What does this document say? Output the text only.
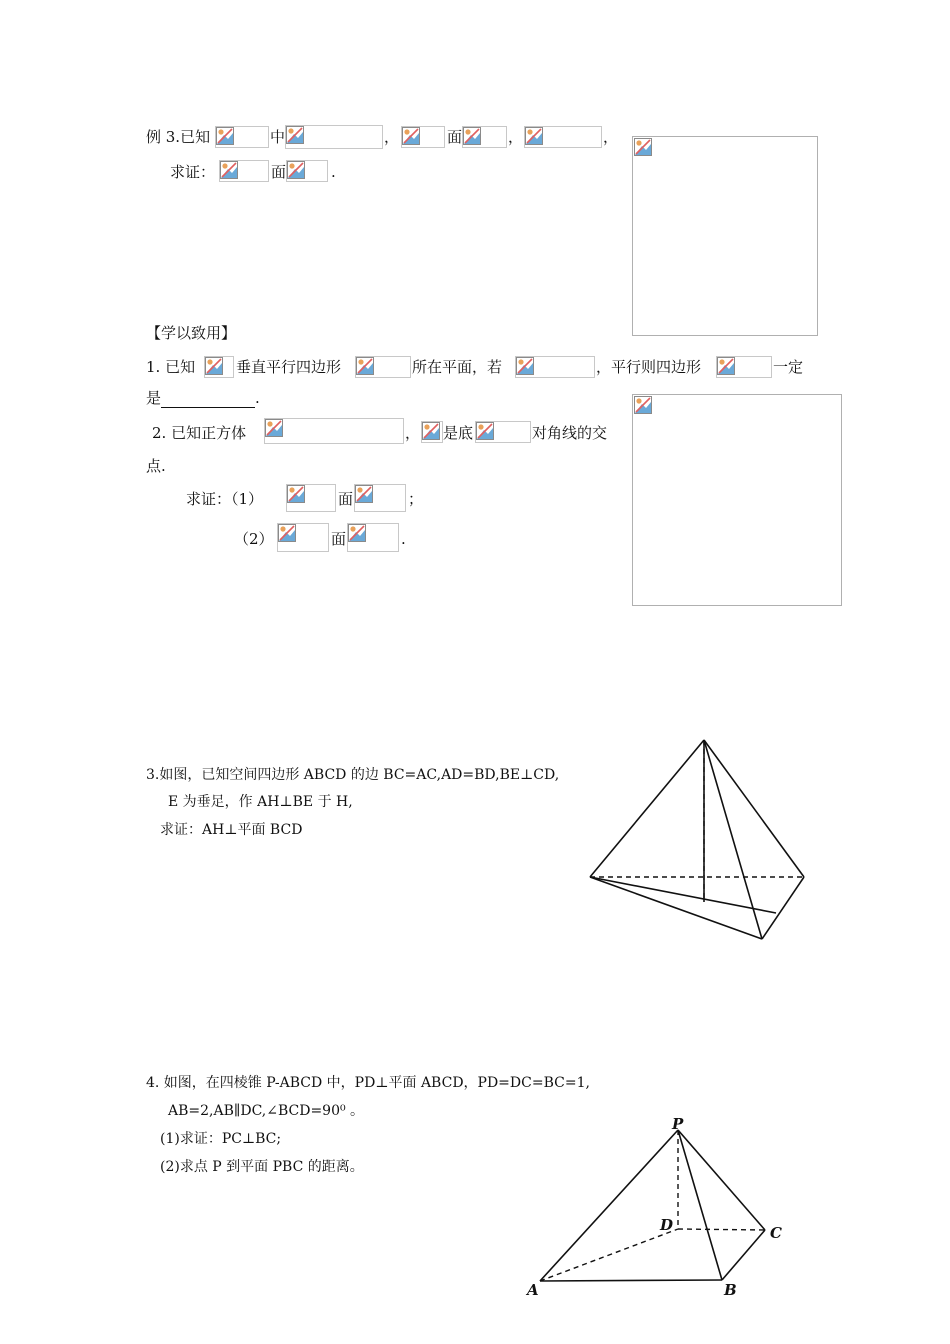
例 3.已知	中	，	面	，	，
求证：	面	.
【学以致用】
1. 已知	垂直平行四边形	所在平面，若	，平行则四边形	一定
是	.
2. 已知正方体	， 是底	对角线的交
点.
求证：（1）	面	；
（2）	面	.
3.如图，已知空间四边形 ABCD 的边 BC=AC,AD=BD,BE⊥CD,
E 为垂足，作 AH⊥BE 于 H,
求证：AH⊥平面 BCD
4. 如图，在四棱锥 P-ABCD 中，PD⊥平面 ABCD，PD=DC=BC=1,
AB=2,AB∥DC,∠BCD=90⁰ 。
(1)求证：PC⊥BC;
(2)求点 P 到平面 PBC 的距离。
P
D	C
A	B
